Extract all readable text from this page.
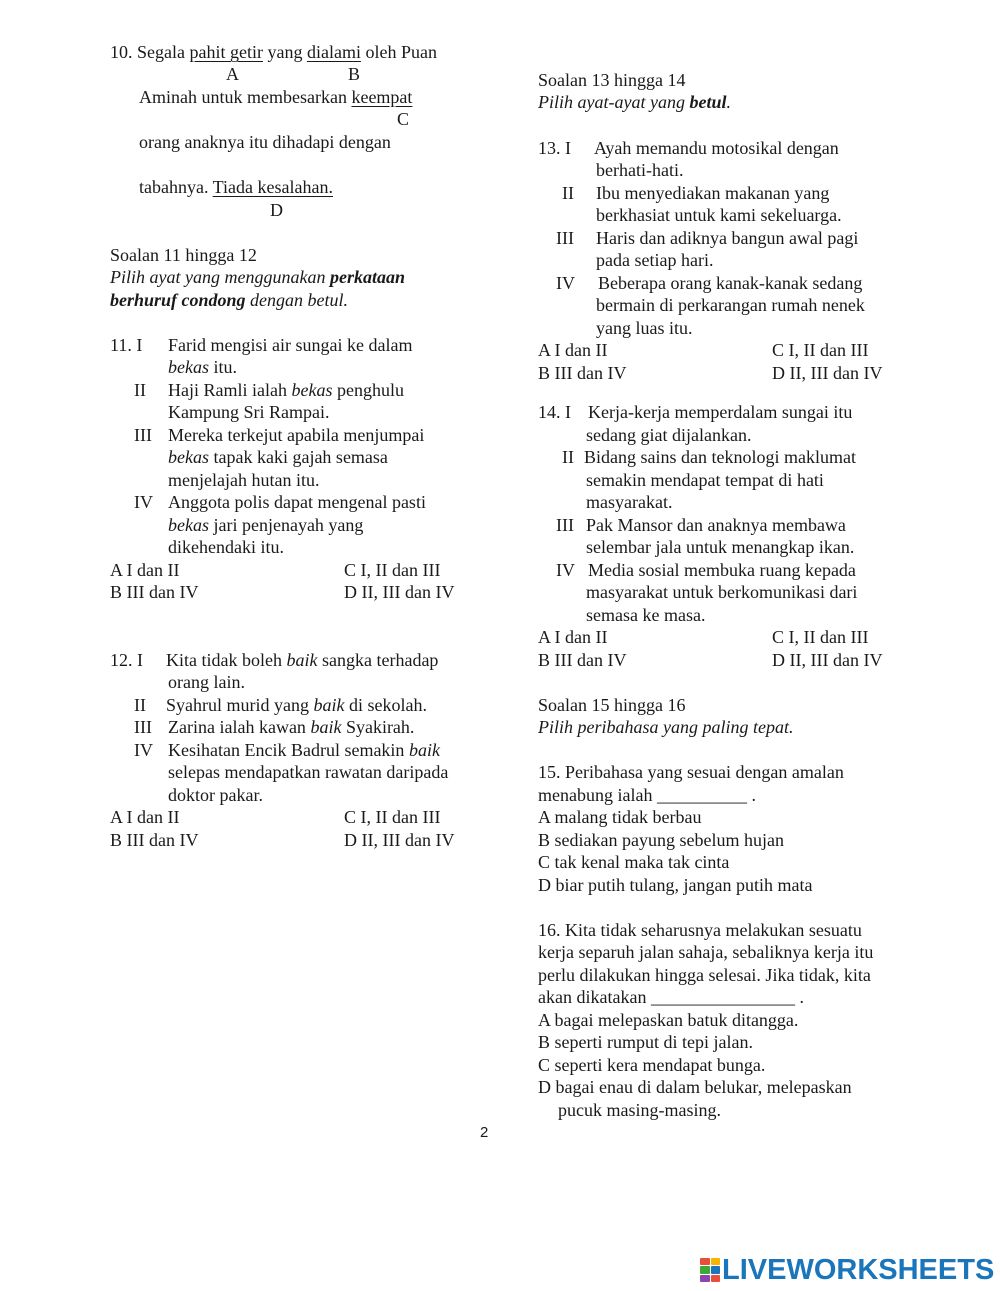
10. Segala pahit getir yang dialami oleh Puan
A	B
Aminah untuk membesarkan keempat
C
orang anaknya itu dihadapi dengan
tabahnya. Tiada kesalahan.
D
Soalan 11 hingga 12
Pilih ayat yang menggunakan perkataan
berhuruf condong dengan betul.
11. I Farid mengisi air sungai ke dalam
bekas itu.
II Haji Ramli ialah bekas penghulu
Kampung Sri Rampai.
III Mereka terkejut apabila menjumpai
bekas tapak kaki gajah semasa
menjelajah hutan itu.
IV Anggota polis dapat mengenal pasti
bekas jari penjenayah yang
dikehendaki itu.
A I dan II	C I, II dan III
B III dan IV	D II, III dan IV
12. I Kita tidak boleh baik sangka terhadap
orang lain.
II Syahrul murid yang baik di sekolah.
III Zarina ialah kawan baik Syakirah.
IV Kesihatan Encik Badrul semakin baik
selepas mendapatkan rawatan daripada
doktor pakar.
A I dan II	C I, II dan III
B III dan IV	D II, III dan IV
Soalan 13 hingga 14
Pilih ayat-ayat yang betul.
13. I Ayah memandu motosikal dengan
berhati-hati.
II Ibu menyediakan makanan yang
berkhasiat untuk kami sekeluarga.
III Haris dan adiknya bangun awal pagi
pada setiap hari.
IV Beberapa orang kanak-kanak sedang
bermain di perkarangan rumah nenek
yang luas itu.
A I dan II	C I, II dan III
B III dan IV	D II, III dan IV
14. I Kerja-kerja memperdalam sungai itu
sedang giat dijalankan.
II Bidang sains dan teknologi maklumat
semakin mendapat tempat di hati
masyarakat.
III Pak Mansor dan anaknya membawa
selembar jala untuk menangkap ikan.
IV Media sosial membuka ruang kepada
masyarakat untuk berkomunikasi dari
semasa ke masa.
A I dan II	C I, II dan III
B III dan IV	D II, III dan IV
Soalan 15 hingga 16
Pilih peribahasa yang paling tepat.
15. Peribahasa yang sesuai dengan amalan
menabung ialah __________ .
A malang tidak berbau
B sediakan payung sebelum hujan
C tak kenal maka tak cinta
D biar putih tulang, jangan putih mata
16. Kita tidak seharusnya melakukan sesuatu
kerja separuh jalan sahaja, sebaliknya kerja itu
perlu dilakukan hingga selesai. Jika tidak, kita
akan dikatakan ________________ .
A bagai melepaskan batuk ditangga.
B seperti rumput di tepi jalan.
C seperti kera mendapat bunga.
D bagai enau di dalam belukar, melepaskan
pucuk masing-masing.
2
LIVEWORKSHEETS
